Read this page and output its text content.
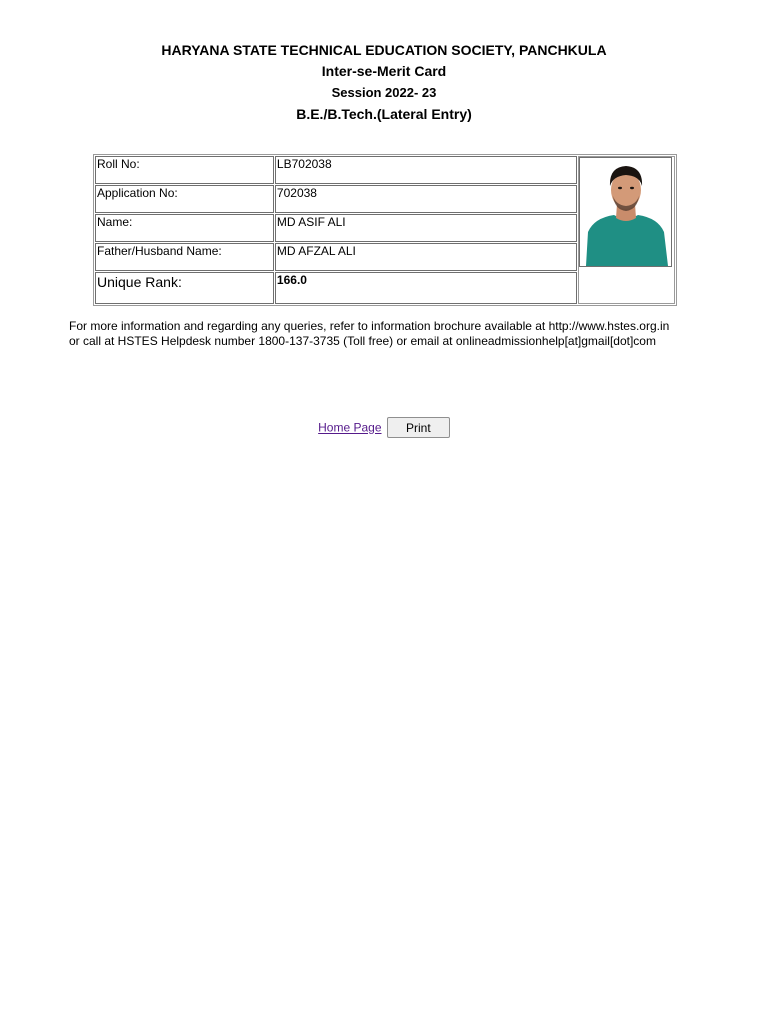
HARYANA STATE TECHNICAL EDUCATION SOCIETY, PANCHKULA
Inter-se-Merit Card
Session 2022- 23
B.E./B.Tech.(Lateral Entry)
Roll No:	LB702038	

Application No:	702038	
Name:	MD ASIF ALI	
Father/Husband Name:	MD AFZAL ALI	
Unique Rank:	166.0	
For more information and regarding any queries, refer to information brochure available at http://www.hstes.org.in
or call at HSTES Helpdesk number 1800-137-3735 (Toll free) or email at onlineadmissionhelp[at]gmail[dot]com
Home Page Print
